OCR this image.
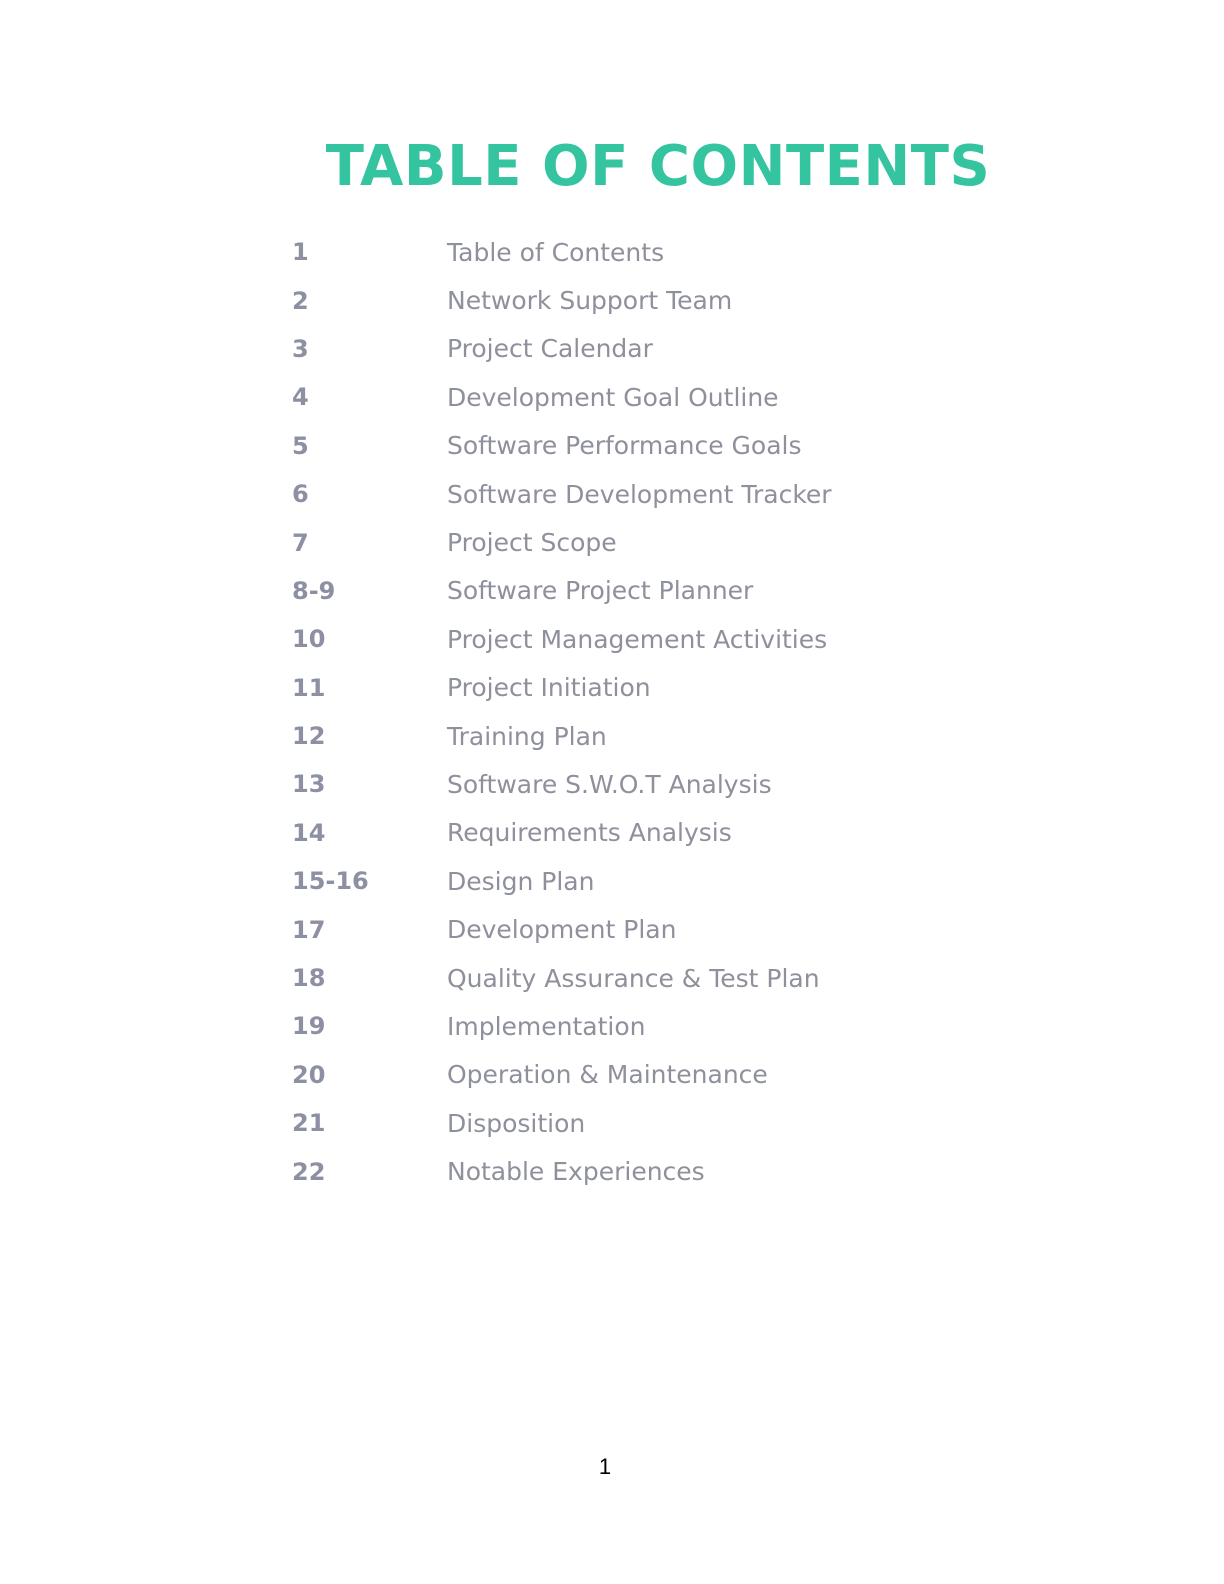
TABLE OF CONTENTS
1	Table of Contents
2	Network Support Team
3	Project Calendar
4	Development Goal Outline
5	Software Performance Goals
6	Software Development Tracker
7	Project Scope
8-9	Software Project Planner
10	Project Management Activities
11	Project Initiation
12	Training Plan
13	Software S.W.O.T Analysis
14	Requirements Analysis
15-16	Design Plan
17	Development Plan
18	Quality Assurance & Test Plan
19	Implementation
20	Operation & Maintenance
21	Disposition
22	Notable Experiences
1
